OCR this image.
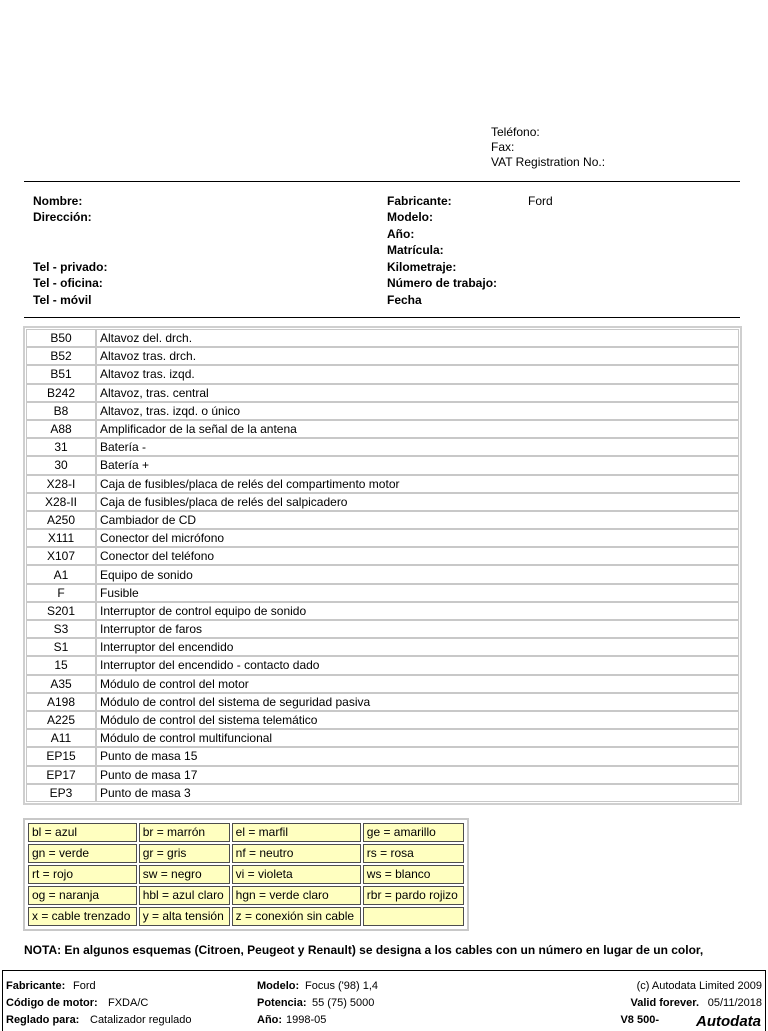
Teléfono:
Fax:
VAT Registration No.:
Nombre:
Dirección:
Tel - privado:
Tel - oficina:
Tel - móvil
Fabricante:	Ford
Modelo:
Año:
Matrícula:
Kilometraje:
Número de trabajo:
Fecha
B50	Altavoz del. drch.
B52	Altavoz tras. drch.
B51	Altavoz tras. izqd.
B242	Altavoz, tras. central
B8	Altavoz, tras. izqd. o único
A88	Amplificador de la señal de la antena
31	Batería -
30	Batería +
X28-I	Caja de fusibles/placa de relés del compartimento motor
X28-II	Caja de fusibles/placa de relés del salpicadero
A250	Cambiador de CD
X111	Conector del micrófono
X107	Conector del teléfono
A1	Equipo de sonido
F	Fusible
S201	Interruptor de control equipo de sonido
S3	Interruptor de faros
S1	Interruptor del encendido
15	Interruptor del encendido - contacto dado
A35	Módulo de control del motor
A198	Módulo de control del sistema de seguridad pasiva
A225	Módulo de control del sistema telemático
A11	Módulo de control multifuncional
EP15	Punto de masa 15
EP17	Punto de masa 17
EP3	Punto de masa 3
bl = azul	br = marrón	el = marfil	ge = amarillo
gn = verde	gr = gris	nf = neutro	rs = rosa
rt = rojo	sw = negro	vi = violeta	ws = blanco
og = naranja	hbl = azul claro	hgn = verde claro	rbr = pardo rojizo
x = cable trenzado	y = alta tensión	z = conexión sin cable	
NOTA: En algunos esquemas (Citroen, Peugeot y Renault) se designa a los cables con un número en lugar de un color,
Fabricante: Ford
Código de motor: FXDA/C
Reglado para: Catalizador regulado
Modelo: Focus ('98) 1,4
Potencia: 55 (75) 5000
Año: 1998-05
(c) Autodata Limited 2009
Valid forever. 05/11/2018
V8 500- Autodata
